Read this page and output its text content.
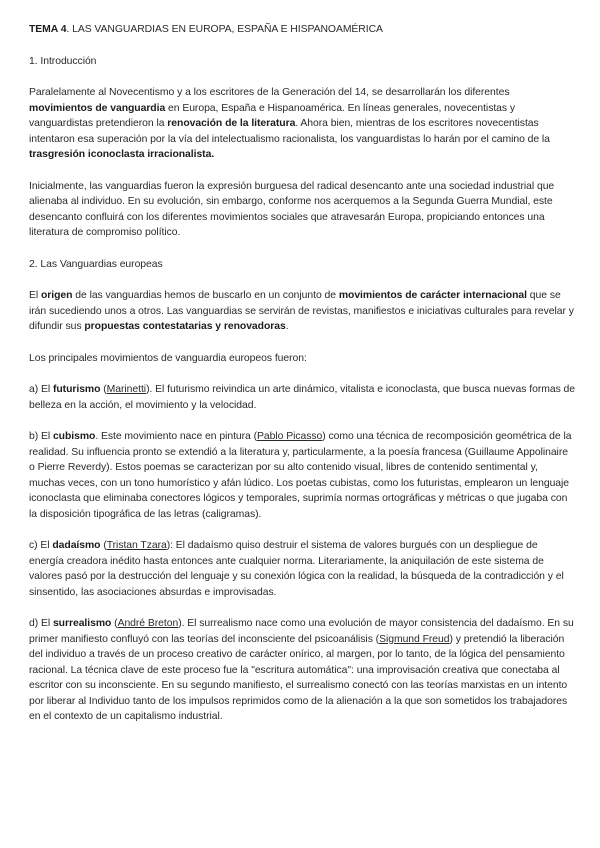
TEMA 4. LAS VANGUARDIAS EN EUROPA, ESPAÑA E HISPANOAMÉRICA

1. Introducción

Paralelamente al Novecentismo y a los escritores de la Generación del 14, se desarrollarán los diferentes movimientos de vanguardia en Europa, España e Hispanoamérica. En líneas generales, novecentistas y vanguardistas pretendieron la renovación de la literatura. Ahora bien, mientras de los escritores novecentistas intentaron esa superación por la vía del intelectualismo racionalista, los vanguardistas lo harán por el camino de la trasgresión iconoclasta irracionalista.

Inicialmente, las vanguardias fueron la expresión burguesa del radical desencanto ante una sociedad industrial que alienaba al individuo. En su evolución, sin embargo, conforme nos acerquemos a la Segunda Guerra Mundial, este desencanto confluirá con los diferentes movimientos sociales que atravesarán Europa, propiciando entonces una literatura de compromiso político.

2. Las Vanguardias europeas

El origen de las vanguardias hemos de buscarlo en un conjunto de movimientos de carácter internacional que se irán sucediendo unos a otros. Las vanguardias se servirán de revistas, manifiestos e iniciativas culturales para revelar y difundir sus propuestas contestatarias y renovadoras.

Los principales movimientos de vanguardia europeos fueron:

a) El futurismo (Marinetti). El futurismo reivindica un arte dinámico, vitalista e iconoclasta, que busca nuevas formas de belleza en la acción, el movimiento y la velocidad.

b) El cubismo. Este movimiento nace en pintura (Pablo Picasso) como una técnica de recomposición geométrica de la realidad. Su influencia pronto se extendió a la literatura y, particularmente, a la poesía francesa (Guillaume Appolinaire o Pierre Reverdy). Estos poemas se caracterizan por su alto contenido visual, libres de contenido sentimental y, muchas veces, con un tono humorístico y afán lúdico. Los poetas cubistas, como los futuristas, emplearon un lenguaje iconoclasta que eliminaba conectores lógicos y temporales, suprimía normas ortográficas y métricas o que jugaba con la disposición tipográfica de las letras (caligramas).

c) El dadaísmo (Tristan Tzara): El dadaísmo quiso destruir el sistema de valores burgués con un despliegue de energía creadora inédito hasta entonces ante cualquier norma. Literariamente, la aniquilación de este sistema de valores pasó por la destrucción del lenguaje y su conexión lógica con la realidad, la búsqueda de la contradicción y el sinsentido, las asociaciones absurdas e improvisadas.

d) El surrealismo (André Breton). El surrealismo nace como una evolución de mayor consistencia del dadaísmo. En su primer manifiesto confluyó con las teorías del inconsciente del psicoanálisis (Sigmund Freud) y pretendió la liberación del individuo a través de un proceso creativo de carácter onírico, al margen, por lo tanto, de la lógica del pensamiento racional. La técnica clave de este proceso fue la "escritura automática": una improvisación creativa que conectaba al escritor con su inconsciente. En su segundo manifiesto, el surrealismo conectó con las teorías marxistas en un intento por liberar al Individuo tanto de los impulsos reprimidos como de la alienación a la que son sometidos los trabajadores en el contexto de un capitalismo industrial.
